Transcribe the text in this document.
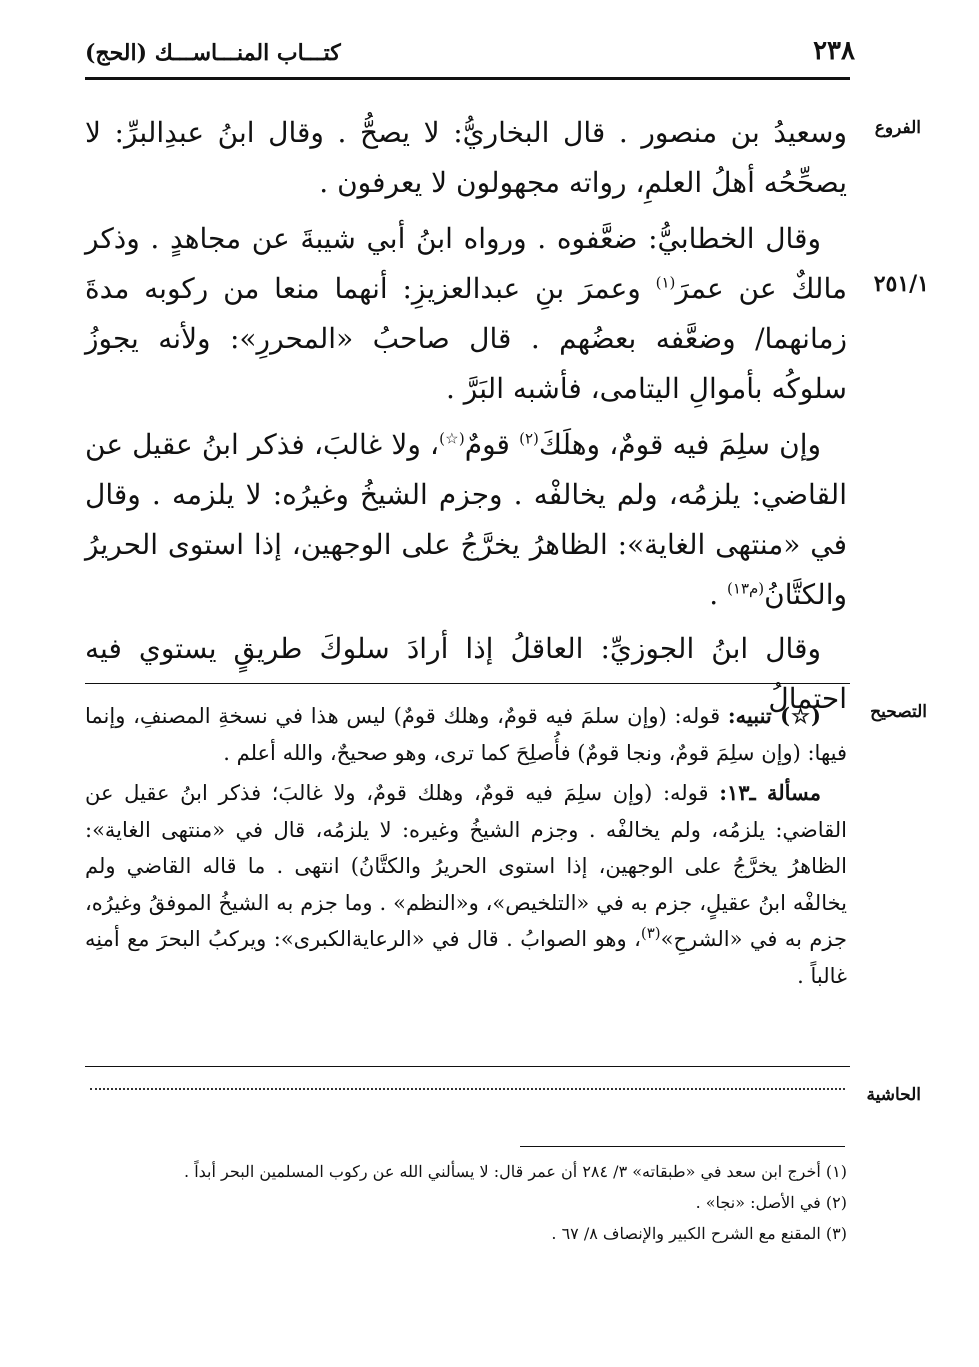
٢٣٨
كتـــاب المنـــاســـك (الحج)
الفروع
٢٥١/١
التصحيح
الحاشية

وسعيدُ بن منصور . قال البخاريُّ: لا يصحُّ . وقال ابنُ عبدِالبرِّ: لا يصحِّحُه أهلُ العلمِ، رواته مجهولون لا يعرفون .

وقال الخطابيُّ: ضعَّفوه . ورواه ابنُ أبي شيبةَ عن مجاهدٍ . وذكر مالكٌ عن عمرَ$^{(١)}$ وعمرَ بنِ عبدالعزيزِ: أنهما منعا من ركوبه مدةَ زمانهما/ وضعَّفه بعضُهم . قال صاحبُ «المحررِ»: ولأنه يجوزُ سلوكُه بأموالِ اليتامى، فأشبه البَرَّ .

وإن سلِمَ فيه قومٌ، وهلَكَ$^{(٢)}$ قومٌ(☆)، ولا غالبَ، فذكر ابنُ عقيل عن القاضي: يلزمُه، ولم يخالفْه . وجزم الشيخُ وغيرُه: لا يلزمه . وقال في «منتهى الغاية»: الظاهرُ يخرَّجُ على الوجهين، إذا استوى الحريرُ والكتَّانُ$^{(م١٣)}$ .

وقال ابنُ الجوزيِّ: العاقلُ إذا أرادَ سلوكَ طريقٍ يستوي فيه احتمالُ

(☆) تنبيه: قوله: (وإن سلمَ فيه قومٌ، وهلك قومٌ) ليس هذا في نسخةِ المصنفِ، وإنما فيها: (وإن سلِمَ قومٌ، ونجا قومٌ) فأُصلِحَ كما ترى، وهو صحيحٌ، والله أعلم .

مسألة ـ١٣: قوله: (وإن سلِمَ فيه قومٌ، وهلك قومٌ، ولا غالبَ؛ فذكر ابنُ عقيل عن القاضي: يلزمُه، ولم يخالفْه . وجزم الشيخُ وغيره: لا يلزمُه، قال في «منتهى الغاية»: الظاهرُ يخرَّجُ على الوجهين، إذا استوى الحريرُ والكتَّانُ) انتهى . ما قاله القاضي ولم يخالفْه ابنُ عقيلٍ، جزم به في «التلخيص»، و«النظم» . وما جزم به الشيخُ الموفقُ وغيرُه، جزم به في «الشرحِ»$^{(٣)}$، وهو الصوابُ . قال في «الرعايةالكبرى»: ويركبُ البحرَ مع أمنِه غالباً .

(١) أخرج ابن سعد في «طبقاته» ٣/ ٢٨٤ أن عمر قال: لا يسألني الله عن ركوب المسلمين البحر أبداً .

(٢) في الأصل: «نجا» .

(٣) المقنع مع الشرح الكبير والإنصاف ٨/ ٦٧ .
